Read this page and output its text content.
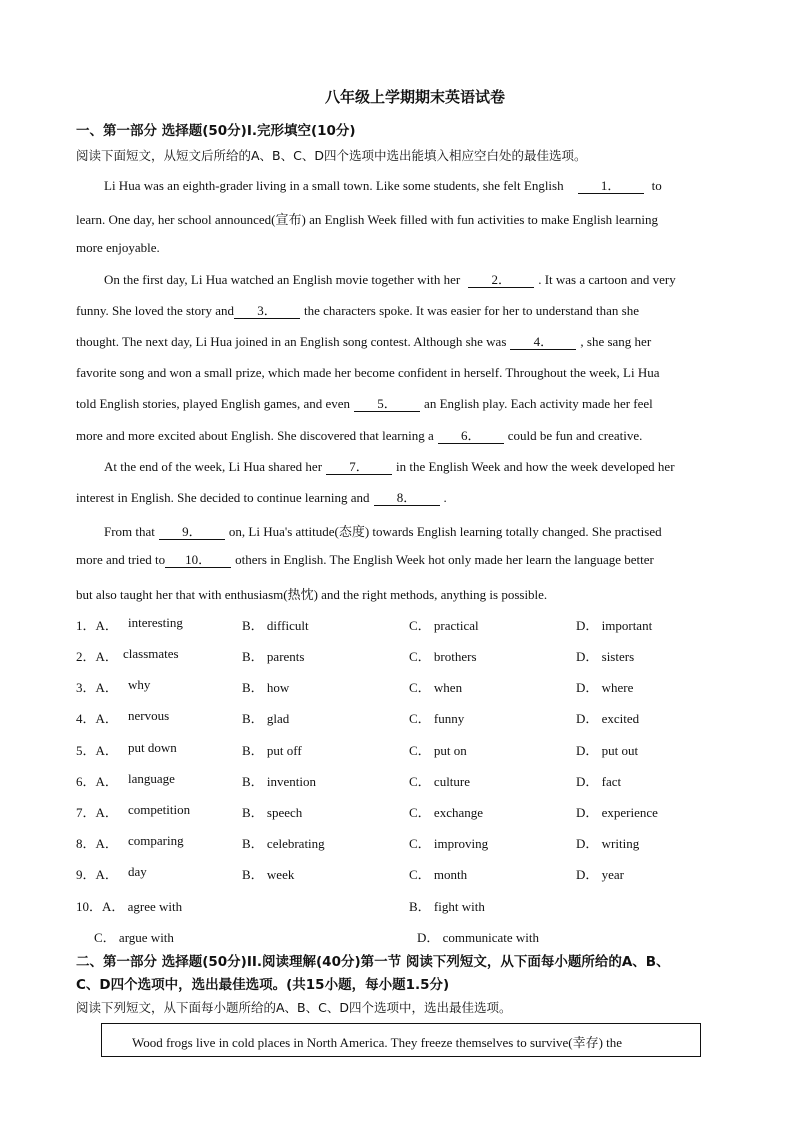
八年级上学期期末英语试卷
一、第一部分 选择题(50分)I.完形填空(10分)
阅读下面短文，从短文后所给的A、B、C、D四个选项中选出能填入相应空白处的最佳选项。
Li Hua was an eighth-grader living in a small town. Like some students, she felt English	1． to
learn. One day, her school announced(宣布) an English Week filled with fun activities to make English learning
more enjoyable.
On the first day, Li Hua watched an English movie together with her 2． . It was a cartoon and very
funny. She loved the story and 3． the characters spoke. It was easier for her to understand than she
thought. The next day, Li Hua joined in an English song contest. Although she was 4． , she sang her
favorite song and won a small prize, which made her become confident in herself. Throughout the week, Li Hua
told English stories, played English games, and even 5． an English play. Each activity made her feel
more and more excited about English. She discovered that learning a 6． could be fun and creative.
At the end of the week, Li Hua shared her 7． in the English Week and how the week developed her
interest in English. She decided to continue learning and 8． .
From that 9． on, Li Hua's attitude(态度) towards English learning totally changed. She practised
more and tried to 10． others in English. The English Week hot only made her learn the language better
but also taught her that with enthusiasm(热忱) and the right methods, anything is possible.
1．A． interesting	B． difficult	C． practical	D． important
2．A． classmates	B． parents	C． brothers	D． sisters
3．A． why	B． how	C． when	D． where
4．A． nervous	B． glad	C． funny	D． excited
5．A． put down	B． put off	C． put on	D． put out
6．A． language	B． invention	C． culture	D． fact
7．A． competition	B． speech	C． exchange	D． experience
8．A． comparing	B． celebrating	C． improving	D． writing
9．A． day	B． week	C． month	D． year
10．A． agree with	B． fight with
C． argue with	D． communicate with
二、第一部分 选择题(50分)II.阅读理解(40分)第一节 阅读下列短文，从下面每小题所给的A、B、
C、D四个选项中，选出最佳选项。(共15小题，每小题1.5分)
阅读下列短文，从下面每小题所给的A、B、C、D四个选项中，选出最佳选项。
Wood frogs live in cold places in North America. They freeze themselves to survive(幸存) the
